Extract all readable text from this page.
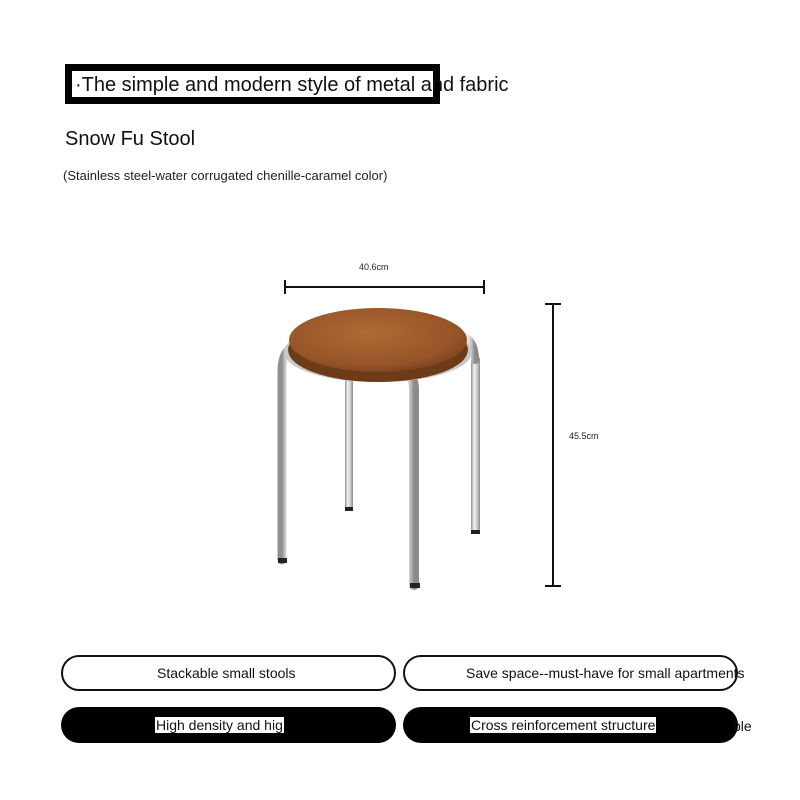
·The simple and modern style of metal and fabric
Snow Fu Stool
(Stainless steel-water corrugated chenille-caramel color)
40.6cm
45.5cm
Stackable small stools	Save space--must-have for small apartments
High density and hig	Cross reinforcement structure	ble
